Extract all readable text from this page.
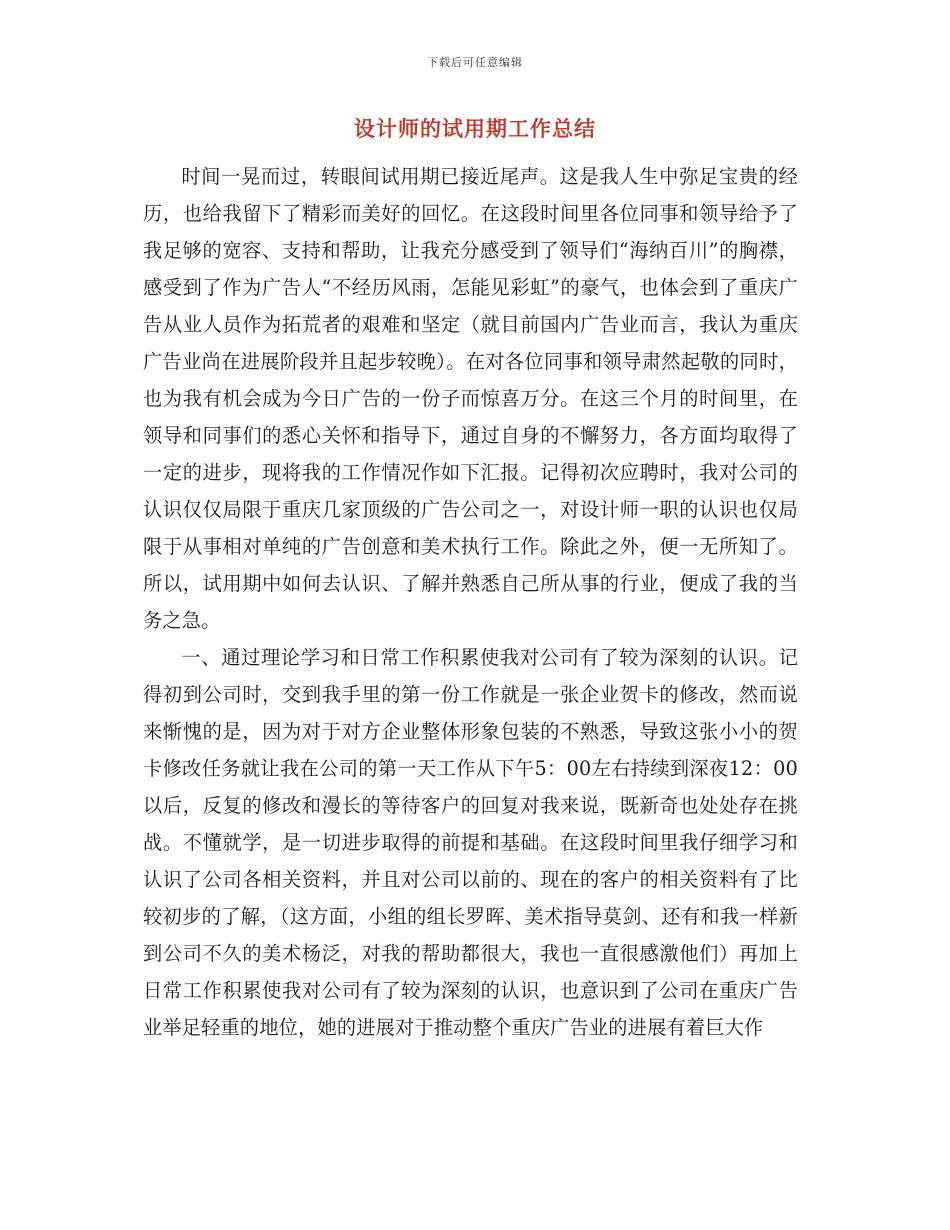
下载后可任意编辑
设计师的试用期工作总结

时间一晃而过，转眼间试用期已接近尾声。这是我人生中弥足宝贵的经历，也给我留下了精彩而美好的回忆。在这段时间里各位同事和领导给予了我足够的宽容、支持和帮助，让我充分感受到了领导们“海纳百川”的胸襟，感受到了作为广告人“不经历风雨，怎能见彩虹”的豪气，也体会到了重庆广告从业人员作为拓荒者的艰难和坚定（就目前国内广告业而言，我认为重庆广告业尚在进展阶段并且起步较晚）。在对各位同事和领导肃然起敬的同时，也为我有机会成为今日广告的一份子而惊喜万分。在这三个月的时间里，在领导和同事们的悉心关怀和指导下，通过自身的不懈努力，各方面均取得了一定的进步，现将我的工作情况作如下汇报。记得初次应聘时，我对公司的认识仅仅局限于重庆几家顶级的广告公司之一，对设计师一职的认识也仅局限于从事相对单纯的广告创意和美术执行工作。除此之外，便一无所知了。所以，试用期中如何去认识、了解并熟悉自己所从事的行业，便成了我的当务之急。

一、通过理论学习和日常工作积累使我对公司有了较为深刻的认识。记得初到公司时，交到我手里的第一份工作就是一张企业贺卡的修改，然而说来惭愧的是，因为对于对方企业整体形象包装的不熟悉，导致这张小小的贺卡修改任务就让我在公司的第一天工作从下午5：00左右持续到深夜12：00以后，反复的修改和漫长的等待客户的回复对我来说，既新奇也处处存在挑战。不懂就学，是一切进步取得的前提和基础。在这段时间里我仔细学习和认识了公司各相关资料，并且对公司以前的、现在的客户的相关资料有了比较初步的了解，（这方面，小组的组长罗晖、美术指导莫剑、还有和我一样新到公司不久的美术杨泛，对我的帮助都很大，我也一直很感激他们）再加上日常工作积累使我对公司有了较为深刻的认识，也意识到了公司在重庆广告业举足轻重的地位，她的进展对于推动整个重庆广告业的进展有着巨大作
